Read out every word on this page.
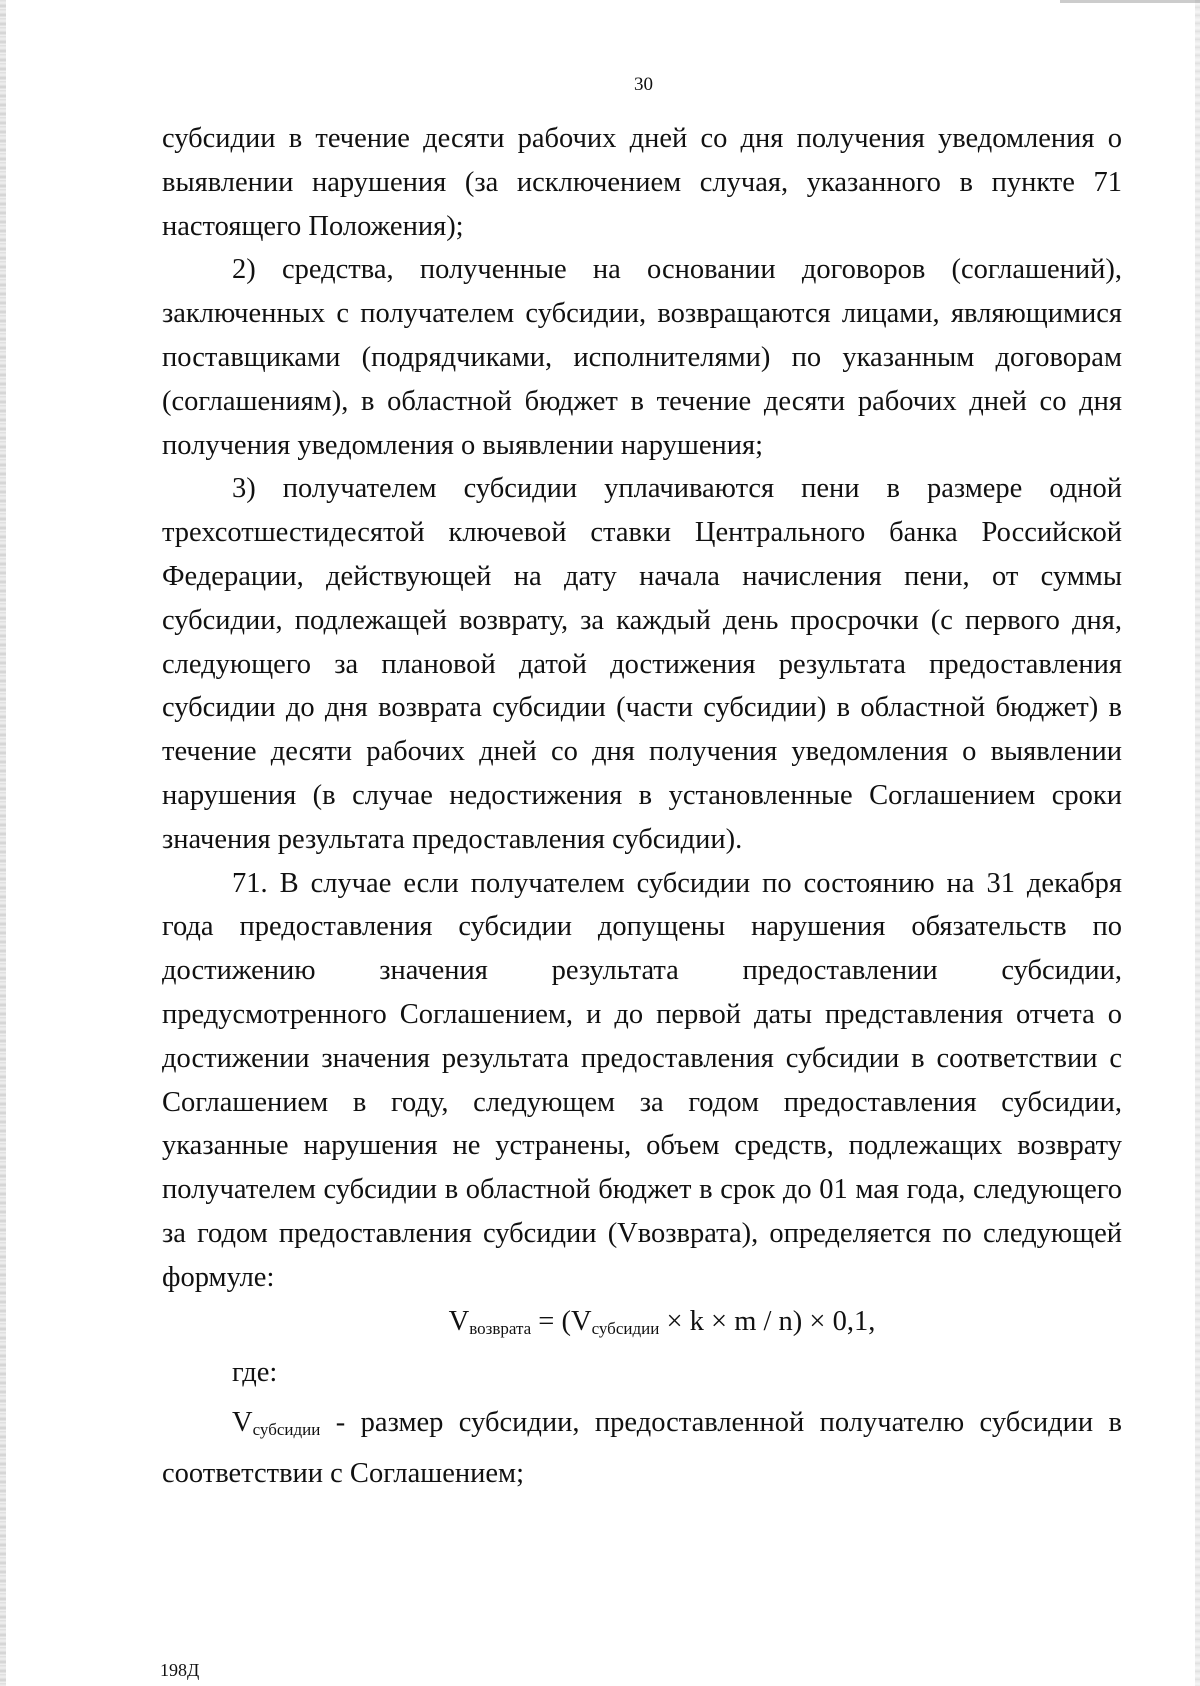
30

субсидии в течение десяти рабочих дней со дня получения уведомления о выявлении нарушения (за исключением случая, указанного в пункте 71 настоящего Положения);

2) средства, полученные на основании договоров (соглашений), заключенных с получателем субсидии, возвращаются лицами, являющимися поставщиками (подрядчиками, исполнителями) по указанным договорам (соглашениям), в областной бюджет в течение десяти рабочих дней со дня получения уведомления о выявлении нарушения;

3) получателем субсидии уплачиваются пени в размере одной трехсотшестидесятой ключевой ставки Центрального банка Российской Федерации, действующей на дату начала начисления пени, от суммы субсидии, подлежащей возврату, за каждый день просрочки (с первого дня, следующего за плановой датой достижения результата предоставления субсидии до дня возврата субсидии (части субсидии) в областной бюджет) в течение десяти рабочих дней со дня получения уведомления о выявлении нарушения (в случае недостижения в установленные Соглашением сроки значения результата предоставления субсидии).

71. В случае если получателем субсидии по состоянию на 31 декабря года предоставления субсидии допущены нарушения обязательств по достижению значения результата предоставлении субсидии, предусмотренного Соглашением, и до первой даты представления отчета о достижении значения результата предоставления субсидии в соответствии с Соглашением в году, следующем за годом предоставления субсидии, указанные нарушения не устранены, объем средств, подлежащих возврату получателем субсидии в областной бюджет в срок до 01 мая года, следующего за годом предоставления субсидии (Vвозврата), определяется по следующей формуле:

$V_{возврата} = (V_{субсидии} \times k \times m / n) \times 0,1$,

где:

$V_{субсидии}$ - размер субсидии, предоставленной получателю субсидии в соответствии с Соглашением;

198Д
